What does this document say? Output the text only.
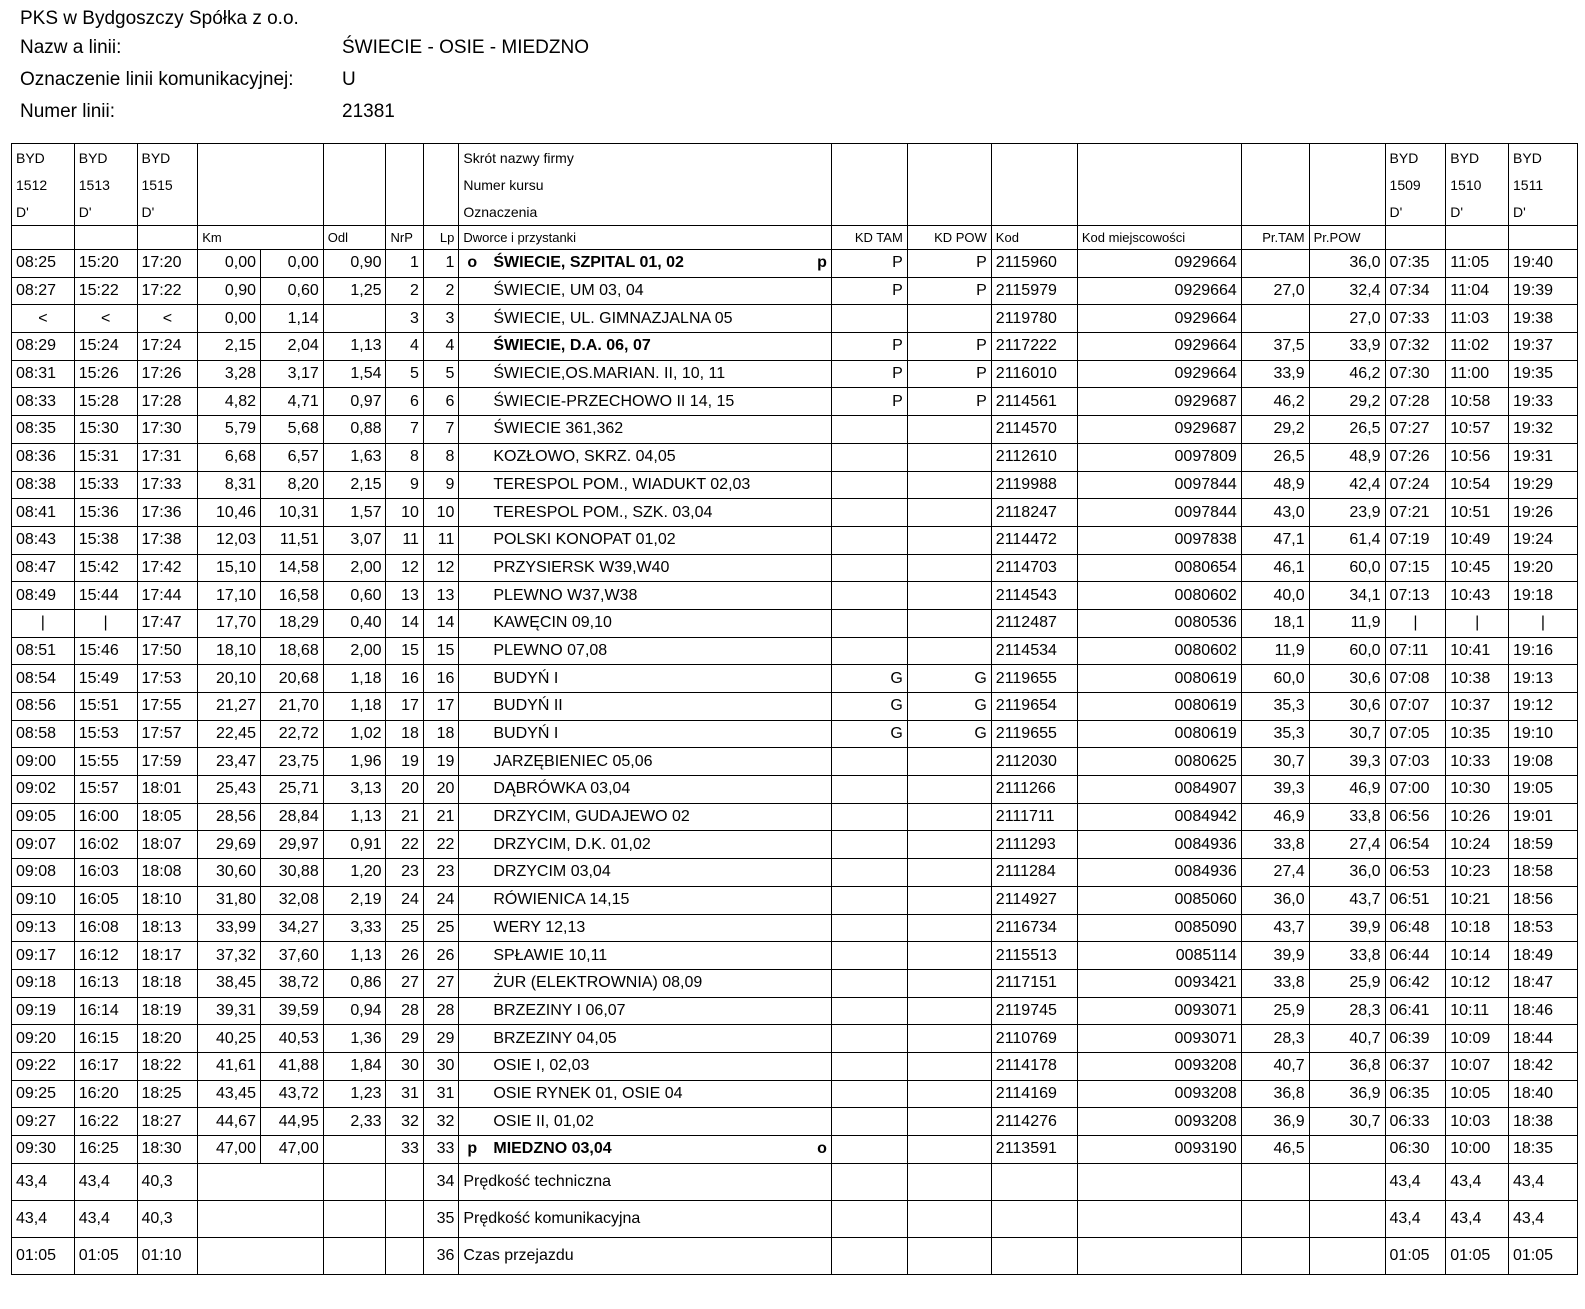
PKS w Bydgoszczy Spółka z o.o.
Nazw a linii:	ŚWIECIE - OSIE - MIEDZNO
Oznaczenie linii komunikacyjnej:	U
Numer linii:	21381
BYD	BYD	BYD						Skrót nazwy firmy							BYD	BYD	BYD
1512	1513	1515						Numer kursu							1509	1510	1511
D'	D'	D'						Oznaczenia							D'	D'	D'
			Km		Odl	NrP	Lp	Dworce i przystanki	KD TAM	KD POW	Kod	Kod miejscowości	Pr.TAM	Pr.POW			
08:25	15:20	17:20	0,00	0,00	0,90	1	1	o ŚWIECIE, SZPITAL 01, 02 p	P	P	2115960	0929664		36,0	07:35	11:05	19:40
08:27	15:22	17:22	0,90	0,60	1,25	2	2	ŚWIECIE, UM 03, 04	P	P	2115979	0929664	27,0	32,4	07:34	11:04	19:39
<	<	<	0,00	1,14		3	3	ŚWIECIE, UL. GIMNAZJALNA 05			2119780	0929664		27,0	07:33	11:03	19:38
08:29	15:24	17:24	2,15	2,04	1,13	4	4	ŚWIECIE, D.A. 06, 07	P	P	2117222	0929664	37,5	33,9	07:32	11:02	19:37
08:31	15:26	17:26	3,28	3,17	1,54	5	5	ŚWIECIE,OS.MARIAN. II, 10, 11	P	P	2116010	0929664	33,9	46,2	07:30	11:00	19:35
08:33	15:28	17:28	4,82	4,71	0,97	6	6	ŚWIECIE-PRZECHOWO II 14, 15	P	P	2114561	0929687	46,2	29,2	07:28	10:58	19:33
08:35	15:30	17:30	5,79	5,68	0,88	7	7	ŚWIECIE 361,362			2114570	0929687	29,2	26,5	07:27	10:57	19:32
08:36	15:31	17:31	6,68	6,57	1,63	8	8	KOZŁOWO, SKRZ. 04,05			2112610	0097809	26,5	48,9	07:26	10:56	19:31
08:38	15:33	17:33	8,31	8,20	2,15	9	9	TERESPOL POM., WIADUKT 02,03			2119988	0097844	48,9	42,4	07:24	10:54	19:29
08:41	15:36	17:36	10,46	10,31	1,57	10	10	TERESPOL POM., SZK. 03,04			2118247	0097844	43,0	23,9	07:21	10:51	19:26
08:43	15:38	17:38	12,03	11,51	3,07	11	11	POLSKI KONOPAT 01,02			2114472	0097838	47,1	61,4	07:19	10:49	19:24
08:47	15:42	17:42	15,10	14,58	2,00	12	12	PRZYSIERSK W39,W40			2114703	0080654	46,1	60,0	07:15	10:45	19:20
08:49	15:44	17:44	17,10	16,58	0,60	13	13	PLEWNO W37,W38			2114543	0080602	40,0	34,1	07:13	10:43	19:18
|	|	17:47	17,70	18,29	0,40	14	14	KAWĘCIN 09,10			2112487	0080536	18,1	11,9	|	|	|
08:51	15:46	17:50	18,10	18,68	2,00	15	15	PLEWNO 07,08			2114534	0080602	11,9	60,0	07:11	10:41	19:16
08:54	15:49	17:53	20,10	20,68	1,18	16	16	BUDYŃ I	G	G	2119655	0080619	60,0	30,6	07:08	10:38	19:13
08:56	15:51	17:55	21,27	21,70	1,18	17	17	BUDYŃ II	G	G	2119654	0080619	35,3	30,6	07:07	10:37	19:12
08:58	15:53	17:57	22,45	22,72	1,02	18	18	BUDYŃ I	G	G	2119655	0080619	35,3	30,7	07:05	10:35	19:10
09:00	15:55	17:59	23,47	23,75	1,96	19	19	JARZĘBIENIEC 05,06			2112030	0080625	30,7	39,3	07:03	10:33	19:08
09:02	15:57	18:01	25,43	25,71	3,13	20	20	DĄBRÓWKA 03,04			2111266	0084907	39,3	46,9	07:00	10:30	19:05
09:05	16:00	18:05	28,56	28,84	1,13	21	21	DRZYCIM, GUDAJEWO 02			2111711	0084942	46,9	33,8	06:56	10:26	19:01
09:07	16:02	18:07	29,69	29,97	0,91	22	22	DRZYCIM, D.K. 01,02			2111293	0084936	33,8	27,4	06:54	10:24	18:59
09:08	16:03	18:08	30,60	30,88	1,20	23	23	DRZYCIM 03,04			2111284	0084936	27,4	36,0	06:53	10:23	18:58
09:10	16:05	18:10	31,80	32,08	2,19	24	24	RÓWIENICA 14,15			2114927	0085060	36,0	43,7	06:51	10:21	18:56
09:13	16:08	18:13	33,99	34,27	3,33	25	25	WERY 12,13			2116734	0085090	43,7	39,9	06:48	10:18	18:53
09:17	16:12	18:17	37,32	37,60	1,13	26	26	SPŁAWIE 10,11			2115513	0085114	39,9	33,8	06:44	10:14	18:49
09:18	16:13	18:18	38,45	38,72	0,86	27	27	ŻUR (ELEKTROWNIA) 08,09			2117151	0093421	33,8	25,9	06:42	10:12	18:47
09:19	16:14	18:19	39,31	39,59	0,94	28	28	BRZEZINY I 06,07			2119745	0093071	25,9	28,3	06:41	10:11	18:46
09:20	16:15	18:20	40,25	40,53	1,36	29	29	BRZEZINY 04,05			2110769	0093071	28,3	40,7	06:39	10:09	18:44
09:22	16:17	18:22	41,61	41,88	1,84	30	30	OSIE I, 02,03			2114178	0093208	40,7	36,8	06:37	10:07	18:42
09:25	16:20	18:25	43,45	43,72	1,23	31	31	OSIE RYNEK 01, OSIE 04			2114169	0093208	36,8	36,9	06:35	10:05	18:40
09:27	16:22	18:27	44,67	44,95	2,33	32	32	OSIE II, 01,02			2114276	0093208	36,9	30,7	06:33	10:03	18:38
09:30	16:25	18:30	47,00	47,00		33	33	p MIEDZNO 03,04 o			2113591	0093190	46,5		06:30	10:00	18:35
43,4	43,4	40,3					34	Prędkość techniczna							43,4	43,4	43,4
43,4	43,4	40,3					35	Prędkość komunikacyjna							43,4	43,4	43,4
01:05	01:05	01:10					36	Czas przejazdu							01:05	01:05	01:05
